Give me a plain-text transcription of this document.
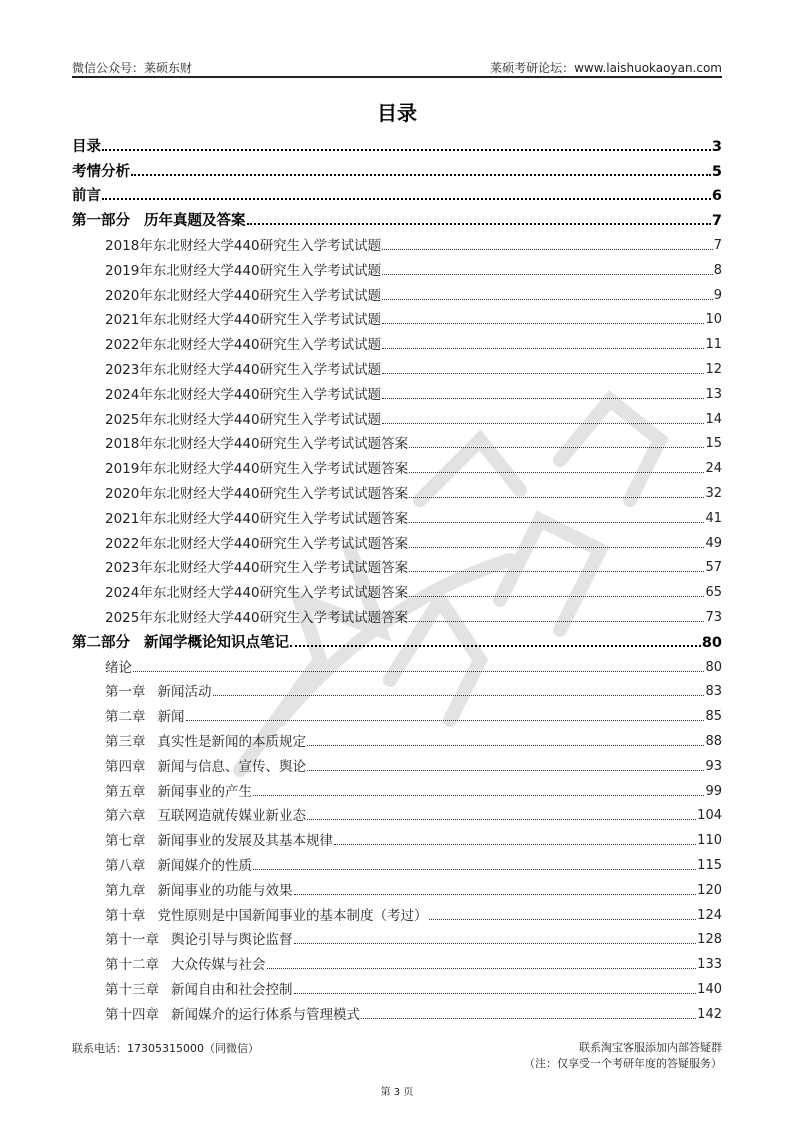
微信公众号：莱硕东财	莱硕考研论坛：www.laishuokaoyan.com
目录
目录	3
考情分析	5
前言	6
第一部分 历年真题及答案	7
2018年东北财经大学440研究生入学考试试题	7
2019年东北财经大学440研究生入学考试试题	8
2020年东北财经大学440研究生入学考试试题	9
2021年东北财经大学440研究生入学考试试题	10
2022年东北财经大学440研究生入学考试试题	11
2023年东北财经大学440研究生入学考试试题	12
2024年东北财经大学440研究生入学考试试题	13
2025年东北财经大学440研究生入学考试试题	14
2018年东北财经大学440研究生入学考试试题答案	15
2019年东北财经大学440研究生入学考试试题答案	24
2020年东北财经大学440研究生入学考试试题答案	32
2021年东北财经大学440研究生入学考试试题答案	41
2022年东北财经大学440研究生入学考试试题答案	49
2023年东北财经大学440研究生入学考试试题答案	57
2024年东北财经大学440研究生入学考试试题答案	65
2025年东北财经大学440研究生入学考试试题答案	73
第二部分 新闻学概论知识点笔记	80
绪论	80
第一章 新闻活动	83
第二章 新闻	85
第三章 真实性是新闻的本质规定	88
第四章 新闻与信息、宣传、舆论	93
第五章 新闻事业的产生	99
第六章 互联网造就传媒业新业态	104
第七章 新闻事业的发展及其基本规律	110
第八章 新闻媒介的性质	115
第九章 新闻事业的功能与效果	120
第十章 党性原则是中国新闻事业的基本制度（考过）	124
第十一章 舆论引导与舆论监督	128
第十二章 大众传媒与社会	133
第十三章 新闻自由和社会控制	140
第十四章 新闻媒介的运行体系与管理模式	142
联系电话：17305315000（同微信）	联系淘宝客服添加内部答疑群
（注：仅享受一个考研年度的答疑服务）
第 3 页
